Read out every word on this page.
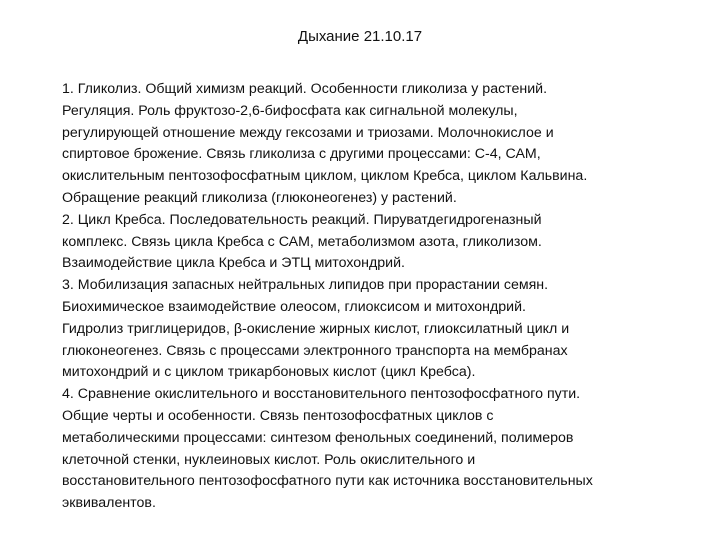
Дыхание 21.10.17
1. Гликолиз. Общий химизм реакций. Особенности гликолиза у растений.
Регуляция. Роль фруктозо-2,6-бифосфата как сигнальной молекулы,
регулирующей отношение между гексозами и триозами. Молочнокислое и
спиртовое брожение. Связь гликолиза с другими процессами: С-4, САМ,
окислительным пентозофосфатным циклом, циклом Кребса, циклом Кальвина.
Обращение реакций гликолиза (глюконеогенез) у растений.
2. Цикл Кребса. Последовательность реакций. Пируватдегидрогеназный
комплекс. Связь цикла Кребса с САМ, метаболизмом азота, гликолизом.
Взаимодействие цикла Кребса и ЭТЦ митохондрий.
3. Мобилизация запасных нейтральных липидов при прорастании семян.
Биохимическое взаимодействие олеосом, глиоксисом и митохондрий.
Гидролиз триглицеридов, β-окисление жирных кислот, глиоксилатный цикл и
глюконеогенез. Связь с процессами электронного транспорта на мембранах
митохондрий и с циклом трикарбоновых кислот (цикл Кребса).
4. Сравнение окислительного и восстановительного пентозофосфатного пути.
Общие черты и особенности. Связь пентозофосфатных циклов с
метаболическими процессами: синтезом фенольных соединений, полимеров
клеточной стенки, нуклеиновых кислот. Роль окислительного и
восстановительного пентозофосфатного пути как источника восстановительных
эквивалентов.
